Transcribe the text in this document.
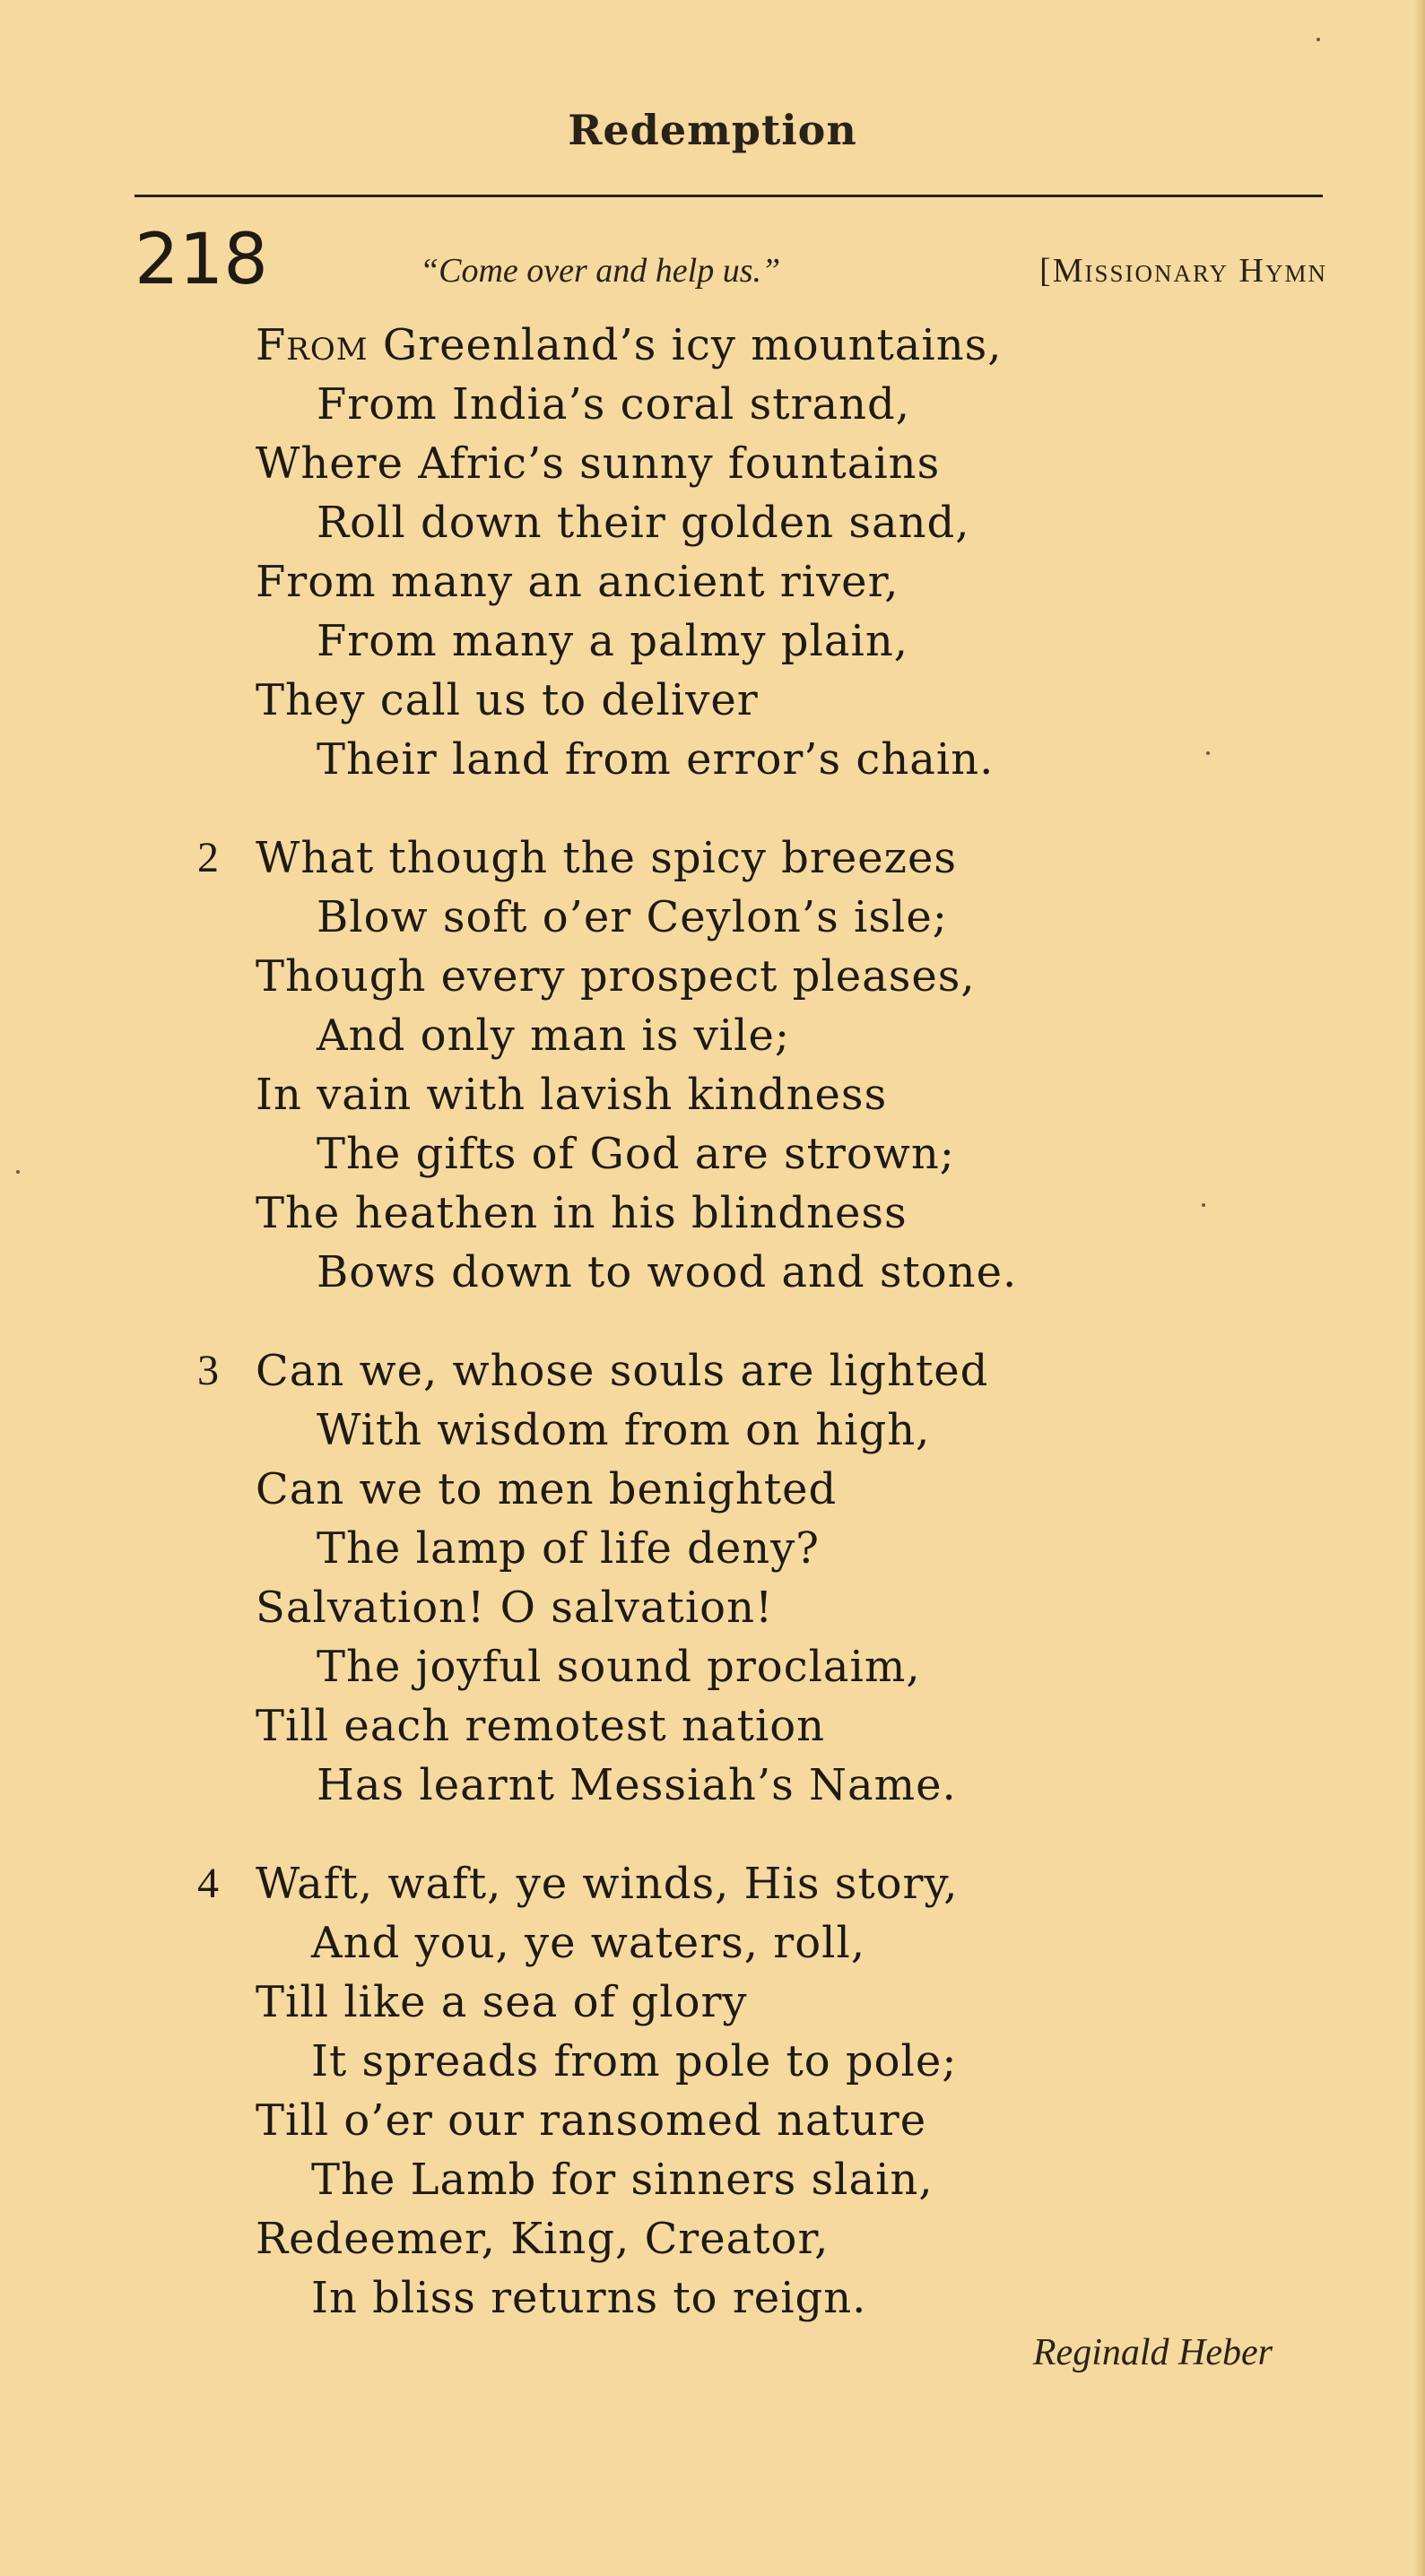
Redemption
218	“Come over and help us.”	[Missionary Hymn
From Greenland’s icy mountains,
From India’s coral strand,
Where Afric’s sunny fountains
Roll down their golden sand,
From many an ancient river,
From many a palmy plain,
They call us to deliver
Their land from error’s chain.
2 What though the spicy breezes
Blow soft o’er Ceylon’s isle;
Though every prospect pleases,
And only man is vile;
In vain with lavish kindness
The gifts of God are strown;
The heathen in his blindness
Bows down to wood and stone.
3 Can we, whose souls are lighted
With wisdom from on high,
Can we to men benighted
The lamp of life deny?
Salvation! O salvation!
The joyful sound proclaim,
Till each remotest nation
Has learnt Messiah’s Name.
4 Waft, waft, ye winds, His story,
And you, ye waters, roll,
Till like a sea of glory
It spreads from pole to pole;
Till o’er our ransomed nature
The Lamb for sinners slain,
Redeemer, King, Creator,
In bliss returns to reign.
Reginald Heber
